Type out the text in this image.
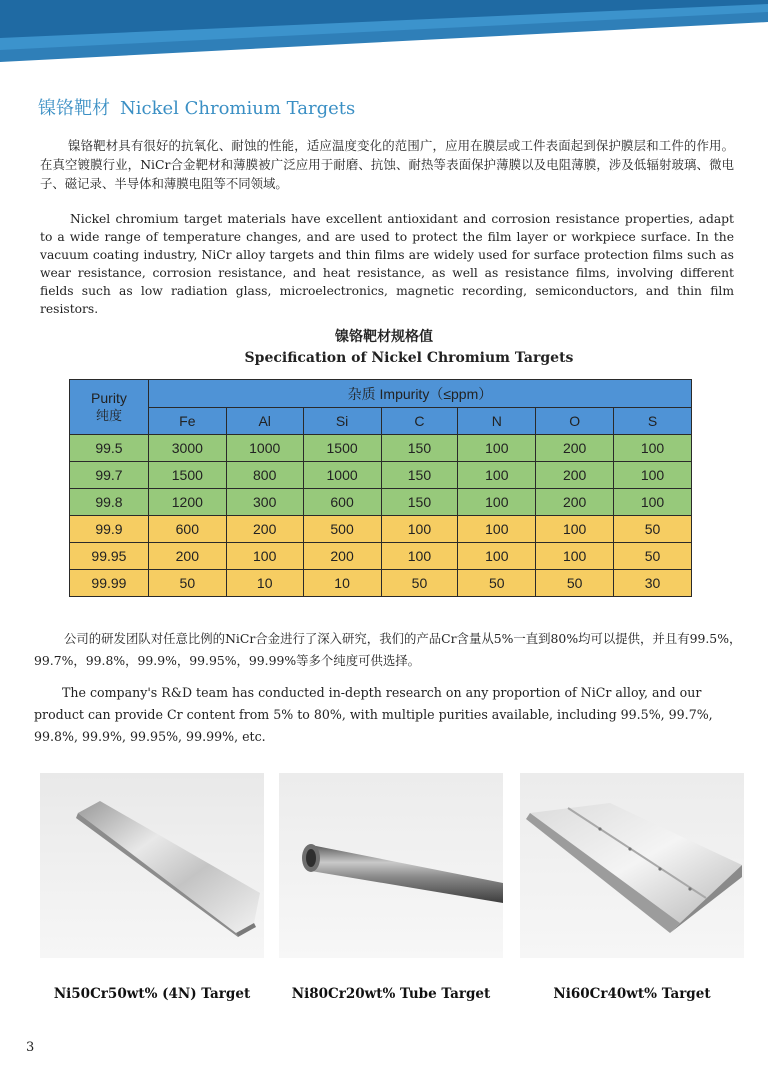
镍铬靶材 Nickel Chromium Targets
镍铬靶材具有很好的抗氧化、耐蚀的性能，适应温度变化的范围广，应用在膜层或工件表面起到保护膜层和工件的作用。在真空镀膜行业，NiCr合金靶材和薄膜被广泛应用于耐磨、抗蚀、耐热等表面保护薄膜以及电阻薄膜，涉及低辐射玻璃、微电子、磁记录、半导体和薄膜电阻等不同领域。
Nickel chromium target materials have excellent antioxidant and corrosion resistance properties, adapt to a wide range of temperature changes, and are used to protect the film layer or workpiece surface. In the vacuum coating industry, NiCr alloy targets and thin films are widely used for surface protection films such as wear resistance, corrosion resistance, and heat resistance, as well as resistance films, involving different fields such as low radiation glass, microelectronics, magnetic recording, semiconductors, and thin film resistors.
镍铬靶材规格值
Specification of Nickel Chromium Targets
Purity
纯度	杂质 Impurity（≤ppm）						
	Fe	Al	Si	C	N	O	S
99.5	3000	1000	1500	150	100	200	100
99.7	1500	800	1000	150	100	200	100
99.8	1200	300	600	150	100	200	100
99.9	600	200	500	100	100	100	50
99.95	200	100	200	100	100	100	50
99.99	50	10	10	50	50	50	30
公司的研发团队对任意比例的NiCr合金进行了深入研究，我们的产品Cr含量从5%一直到80%均可以提供，并且有99.5%，99.7%，99.8%，99.9%，99.95%，99.99%等多个纯度可供选择。
The company's R&D team has conducted in-depth research on any proportion of NiCr alloy, and our product can provide Cr content from 5% to 80%, with multiple purities available, including 99.5%, 99.7%, 99.8%, 99.9%, 99.95%, 99.99%, etc.
Ni50Cr50wt% (4N) Target	Ni80Cr20wt% Tube Target	Ni60Cr40wt% Target
3
